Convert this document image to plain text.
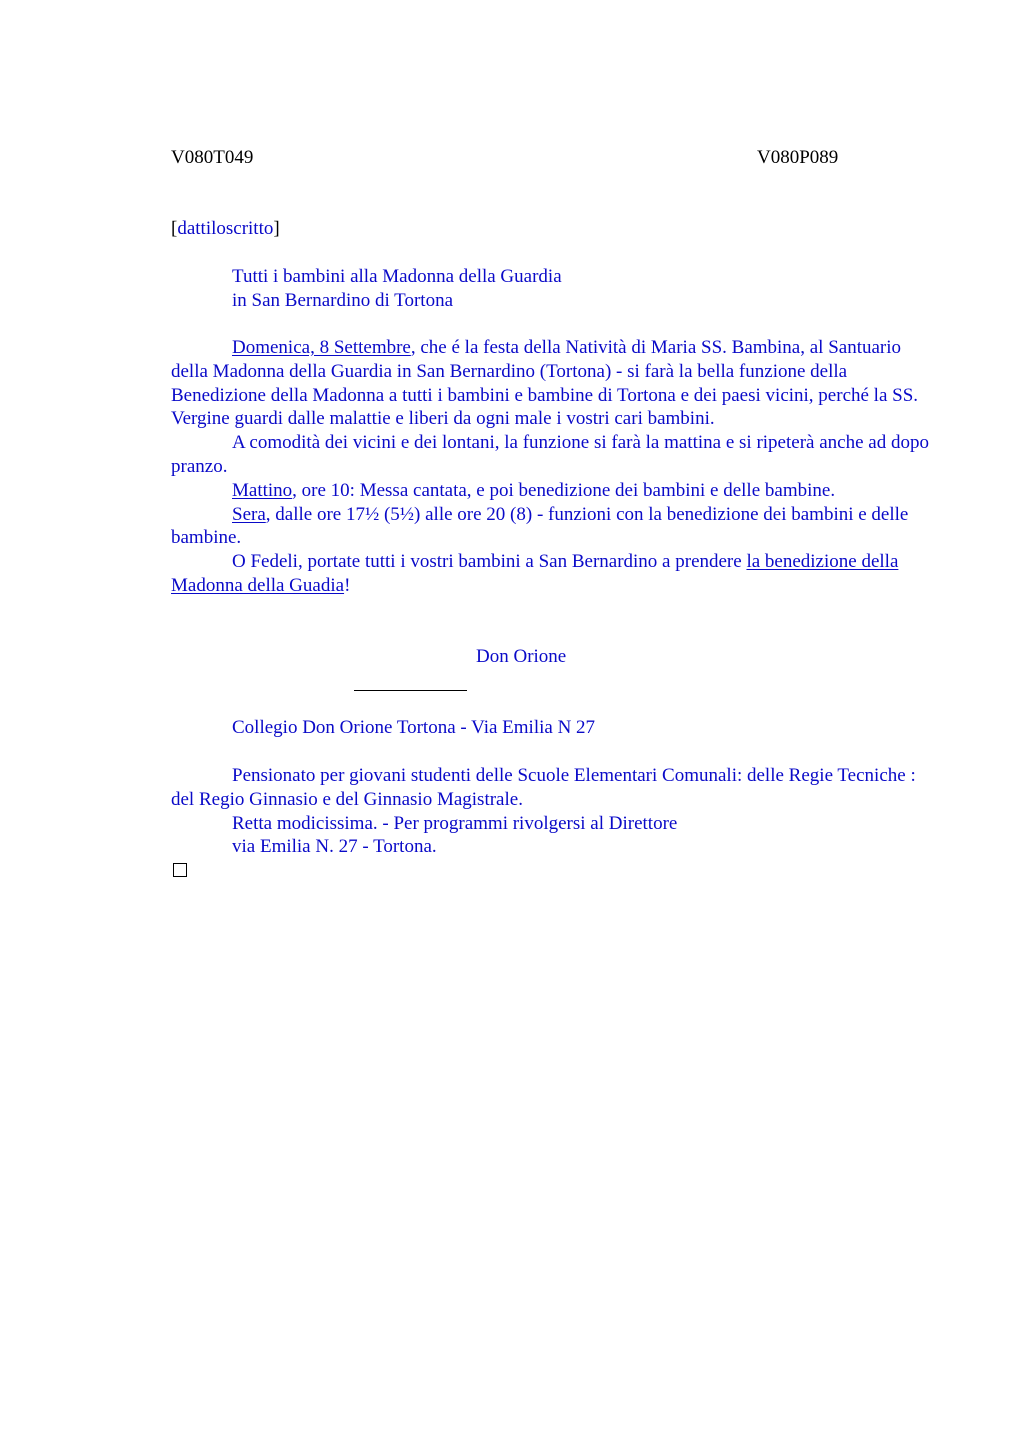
V080T049	V080P089
[dattiloscritto]
Tutti i bambini alla Madonna della Guardia
in San Bernardino di Tortona

Domenica, 8 Settembre, che é la festa della Natività di Maria SS. Bambina, al Santuario della Madonna della Guardia in San Bernardino (Tortona) - si farà la bella funzione della Benedizione della Madonna a tutti i bambini e bambine di Tortona e dei paesi vicini, perché la SS. Vergine guardi dalle malattie e liberi da ogni male i vostri cari bambini.

A comodità dei vicini e dei lontani, la funzione si farà la mattina e si ripeterà anche ad dopo pranzo.

Mattino, ore 10: Messa cantata, e poi benedizione dei bambini e delle bambine.

Sera, dalle ore 17½ (5½) alle ore 20 (8) - funzioni con la benedizione dei bambini e delle bambine.

O Fedeli, portate tutti i vostri bambini a San Bernardino a prendere la benedizione della Madonna della Guadia!

Don Orione
Collegio Don Orione Tortona - Via Emilia N 27

Pensionato per giovani studenti delle Scuole Elementari Comunali: delle Regie Tecniche : del Regio Ginnasio e del Ginnasio Magistrale.

Retta modicissima. - Per programmi rivolgersi al Direttore

via Emilia N. 27 - Tortona.
